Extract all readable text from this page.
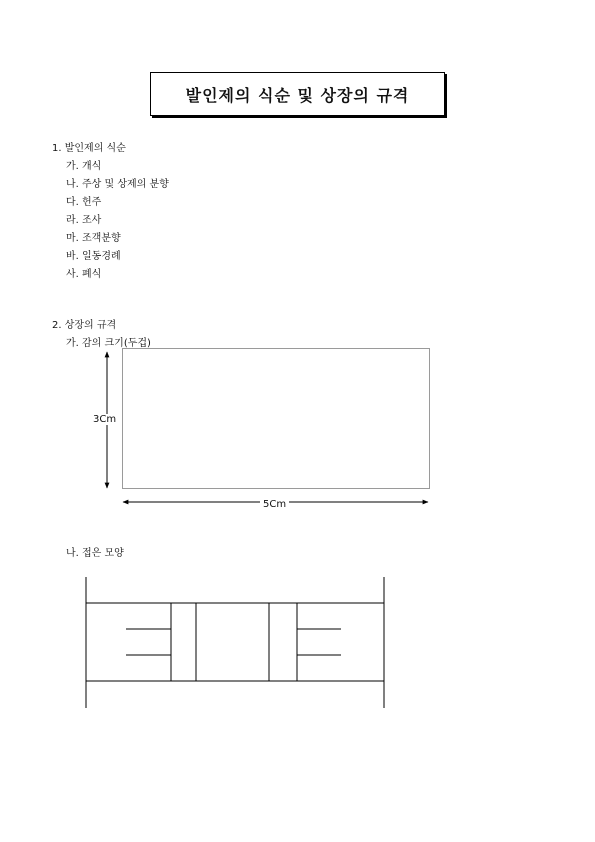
발인제의 식순 및 상장의 규격
1. 발인제의 식순
가. 개식
나. 주상 및 상제의 분향
다. 헌주
라. 조사
마. 조객분향
바. 일동경례
사. 폐식
2. 상장의 규격
가. 감의 크기(두겁)
3Cm
5Cm
나. 접은 모양
